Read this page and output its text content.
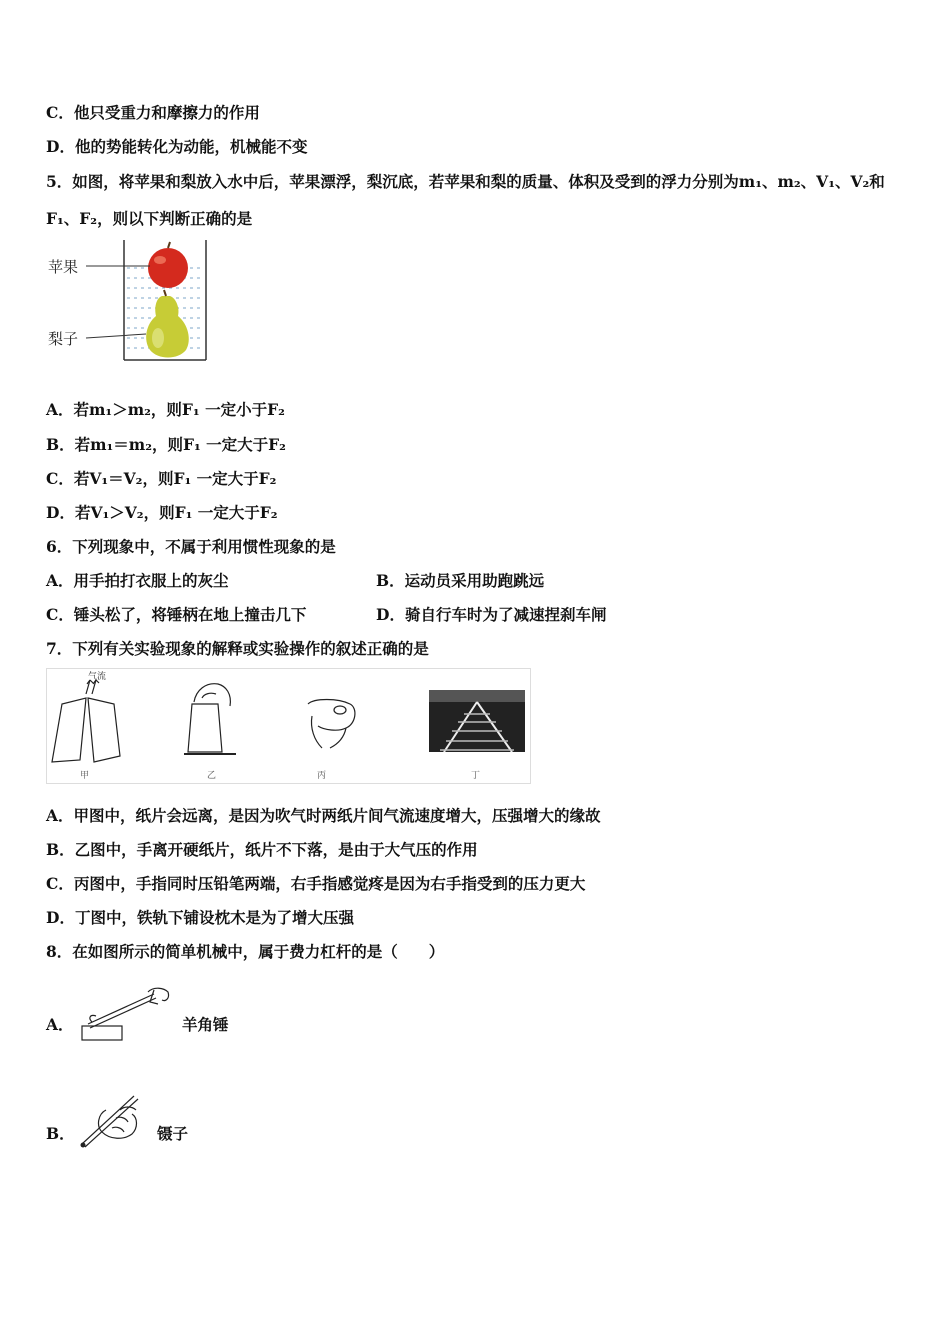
C．他只受重力和摩擦力的作用
D．他的势能转化为动能，机械能不变
5．如图，将苹果和梨放入水中后，苹果漂浮，梨沉底，若苹果和梨的质量、体积及受到的浮力分别为m₁、m₂、V₁、V₂和
F₁、F₂，则以下判断正确的是
苹果
梨子
A．若m₁＞m₂，则F₁ 一定小于F₂
B．若m₁＝m₂，则F₁ 一定大于F₂
C．若V₁＝V₂，则F₁ 一定大于F₂
D．若V₁＞V₂，则F₁ 一定大于F₂
6．下列现象中，不属于利用惯性现象的是
A．用手拍打衣服上的灰尘	B．运动员采用助跑跳远
C．锤头松了，将锤柄在地上撞击几下	D．骑自行车时为了减速捏刹车闸
7．下列有关实验现象的解释或实验操作的叙述正确的是
气流
甲	乙	丙	丁
A．甲图中，纸片会远离，是因为吹气时两纸片间气流速度增大，压强增大的缘故
B．乙图中，手离开硬纸片，纸片不下落，是由于大气压的作用
C．丙图中，手指同时压铅笔两端，右手指感觉疼是因为右手指受到的压力更大
D．丁图中，铁轨下铺设枕木是为了增大压强
8．在如图所示的简单机械中，属于费力杠杆的是（　　）
A．	羊角锤
B．	镊子
